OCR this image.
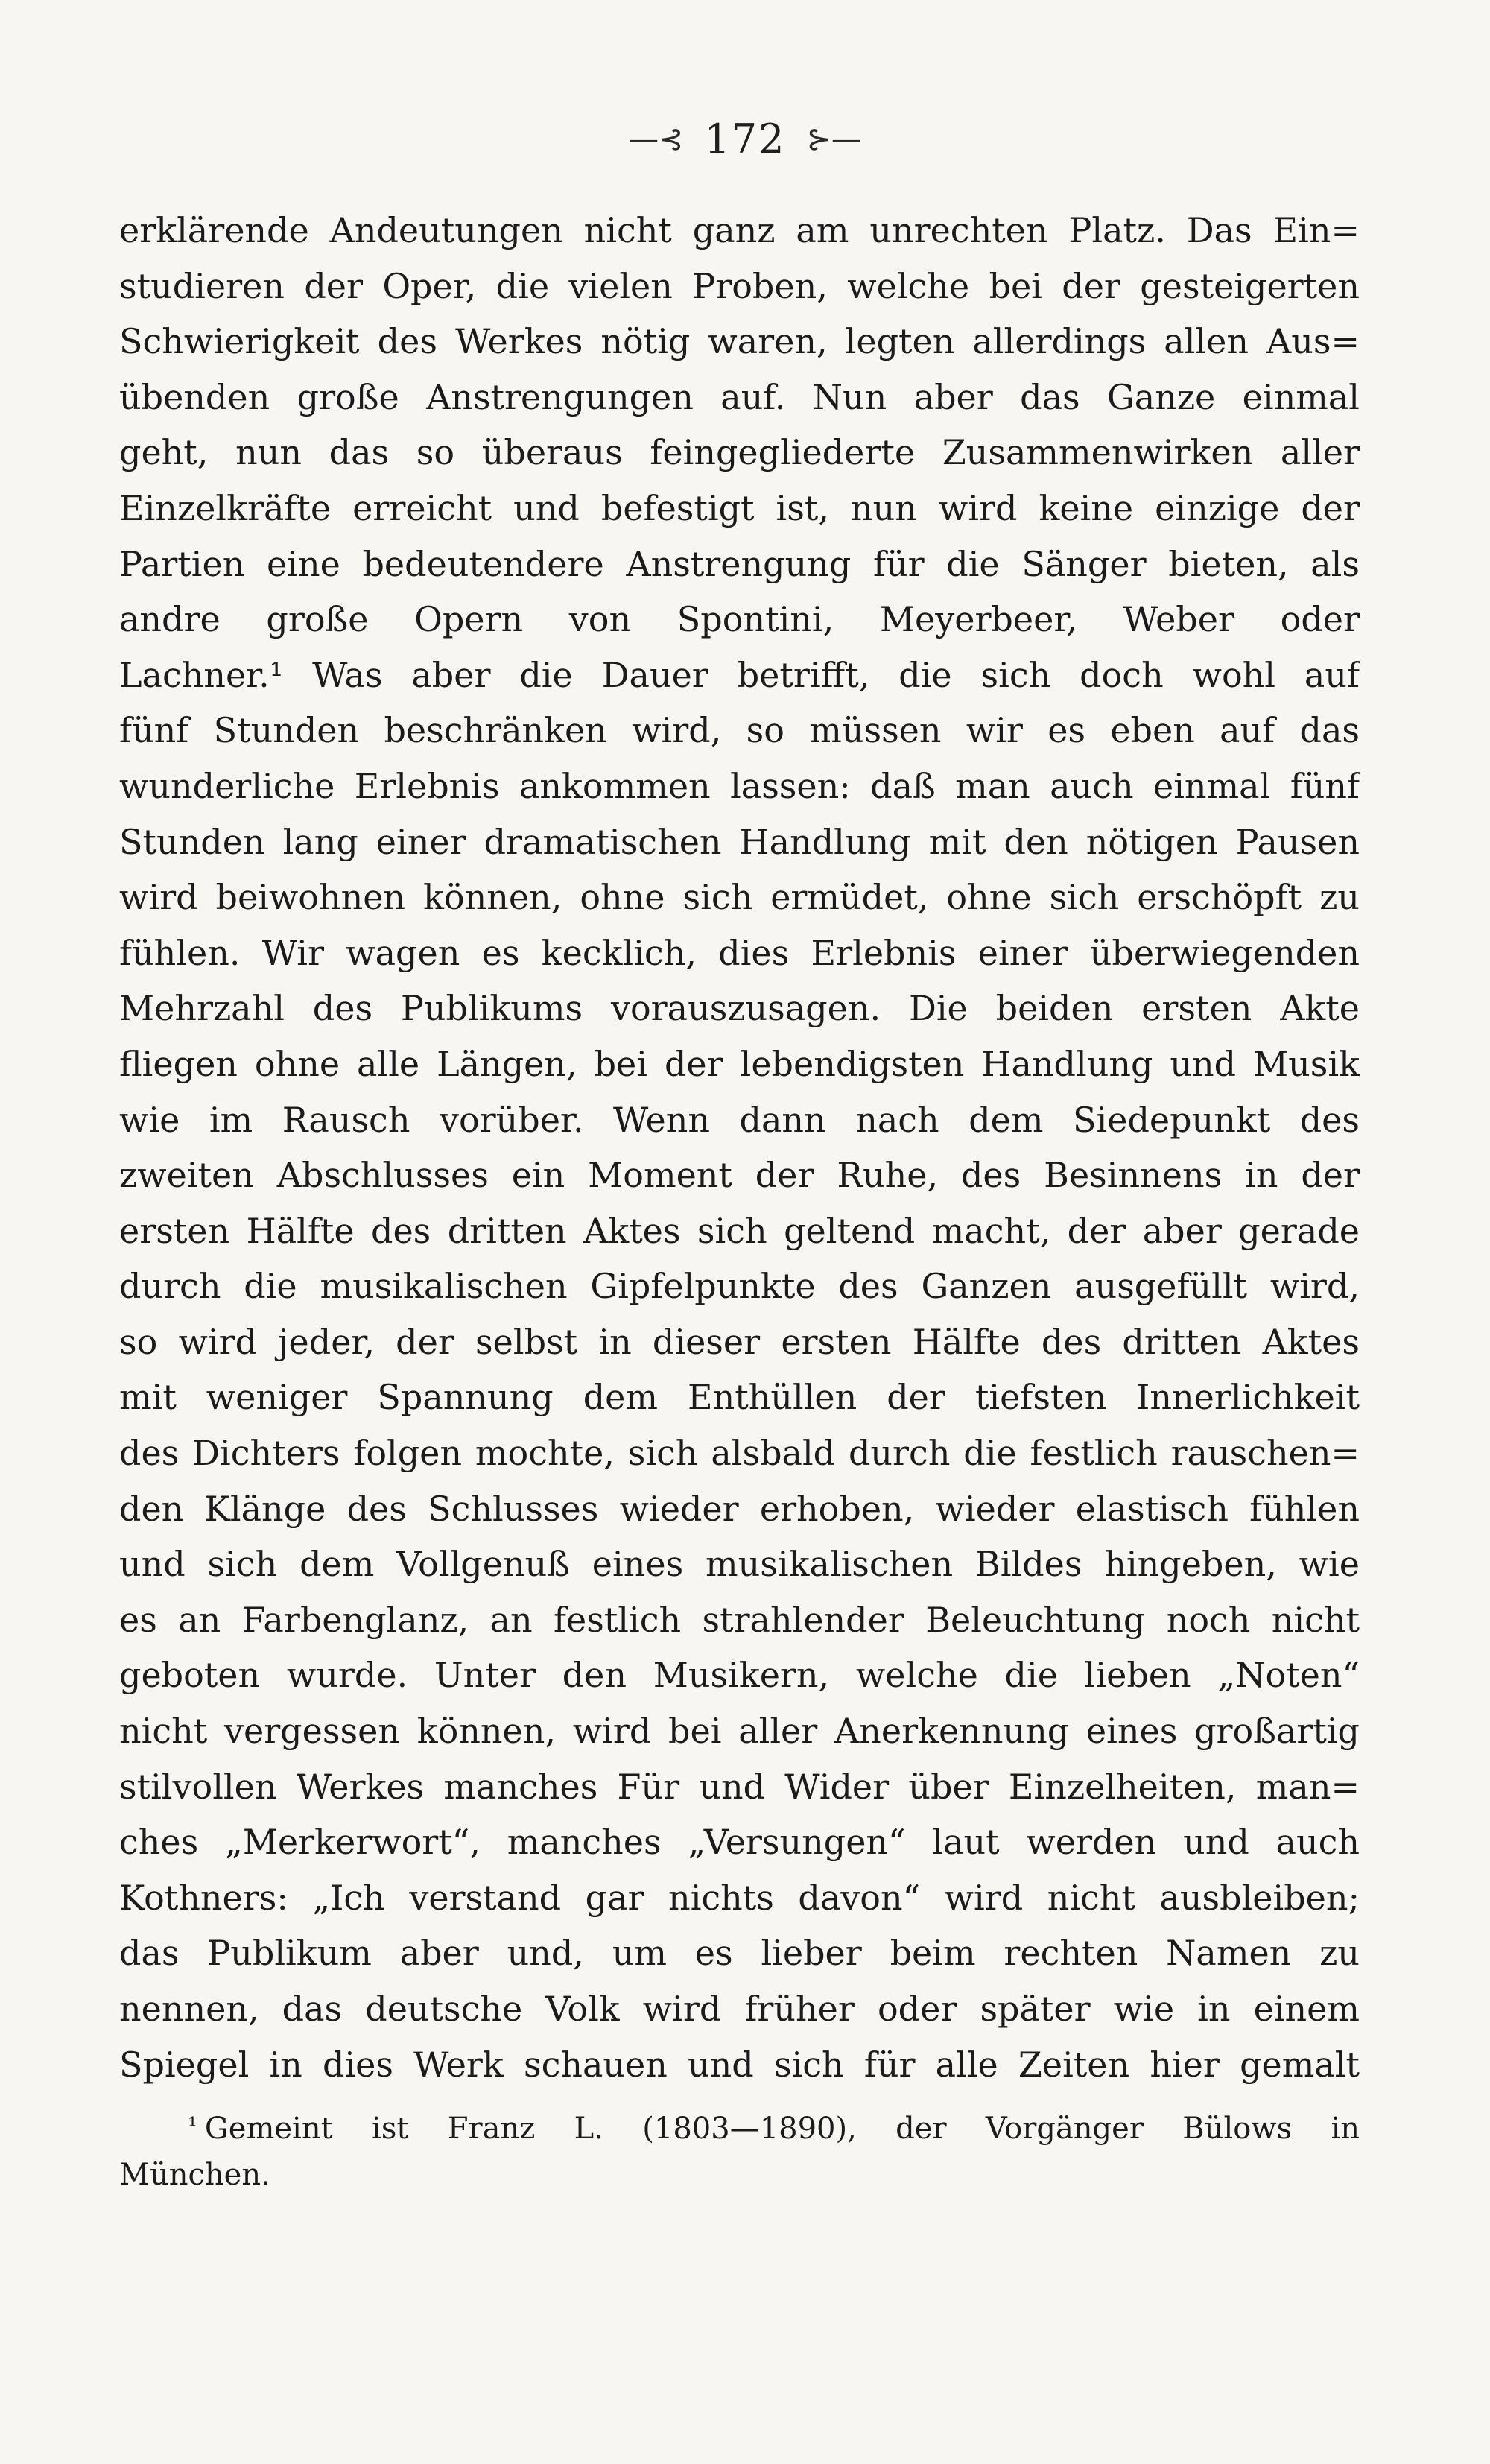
—⊰ 172 ⊱—
erklärende Andeutungen nicht ganz am unrechten Platz. Das Ein=
studieren der Oper, die vielen Proben, welche bei der gesteigerten
Schwierigkeit des Werkes nötig waren, legten allerdings allen Aus=
übenden große Anstrengungen auf. Nun aber das Ganze einmal
geht, nun das so überaus feingegliederte Zusammenwirken aller
Einzelkräfte erreicht und befestigt ist, nun wird keine einzige der
Partien eine bedeutendere Anstrengung für die Sänger bieten, als
andre große Opern von Spontini, Meyerbeer, Weber oder
Lachner.¹ Was aber die Dauer betrifft, die sich doch wohl auf
fünf Stunden beschränken wird, so müssen wir es eben auf das
wunderliche Erlebnis ankommen lassen: daß man auch einmal fünf
Stunden lang einer dramatischen Handlung mit den nötigen Pausen
wird beiwohnen können, ohne sich ermüdet, ohne sich erschöpft zu
fühlen. Wir wagen es kecklich, dies Erlebnis einer überwiegenden
Mehrzahl des Publikums vorauszusagen. Die beiden ersten Akte
fliegen ohne alle Längen, bei der lebendigsten Handlung und Musik
wie im Rausch vorüber. Wenn dann nach dem Siedepunkt des
zweiten Abschlusses ein Moment der Ruhe, des Besinnens in der
ersten Hälfte des dritten Aktes sich geltend macht, der aber gerade
durch die musikalischen Gipfelpunkte des Ganzen ausgefüllt wird,
so wird jeder, der selbst in dieser ersten Hälfte des dritten Aktes
mit weniger Spannung dem Enthüllen der tiefsten Innerlichkeit
des Dichters folgen mochte, sich alsbald durch die festlich rauschen=
den Klänge des Schlusses wieder erhoben, wieder elastisch fühlen
und sich dem Vollgenuß eines musikalischen Bildes hingeben, wie
es an Farbenglanz, an festlich strahlender Beleuchtung noch nicht
geboten wurde. Unter den Musikern, welche die lieben „Noten“
nicht vergessen können, wird bei aller Anerkennung eines großartig
stilvollen Werkes manches Für und Wider über Einzelheiten, man=
ches „Merkerwort“, manches „Versungen“ laut werden und auch
Kothners: „Ich verstand gar nichts davon“ wird nicht ausbleiben;
das Publikum aber und, um es lieber beim rechten Namen zu
nennen, das deutsche Volk wird früher oder später wie in einem
Spiegel in dies Werk schauen und sich für alle Zeiten hier gemalt
¹ Gemeint ist Franz L. (1803—1890), der Vorgänger Bülows in
München.
